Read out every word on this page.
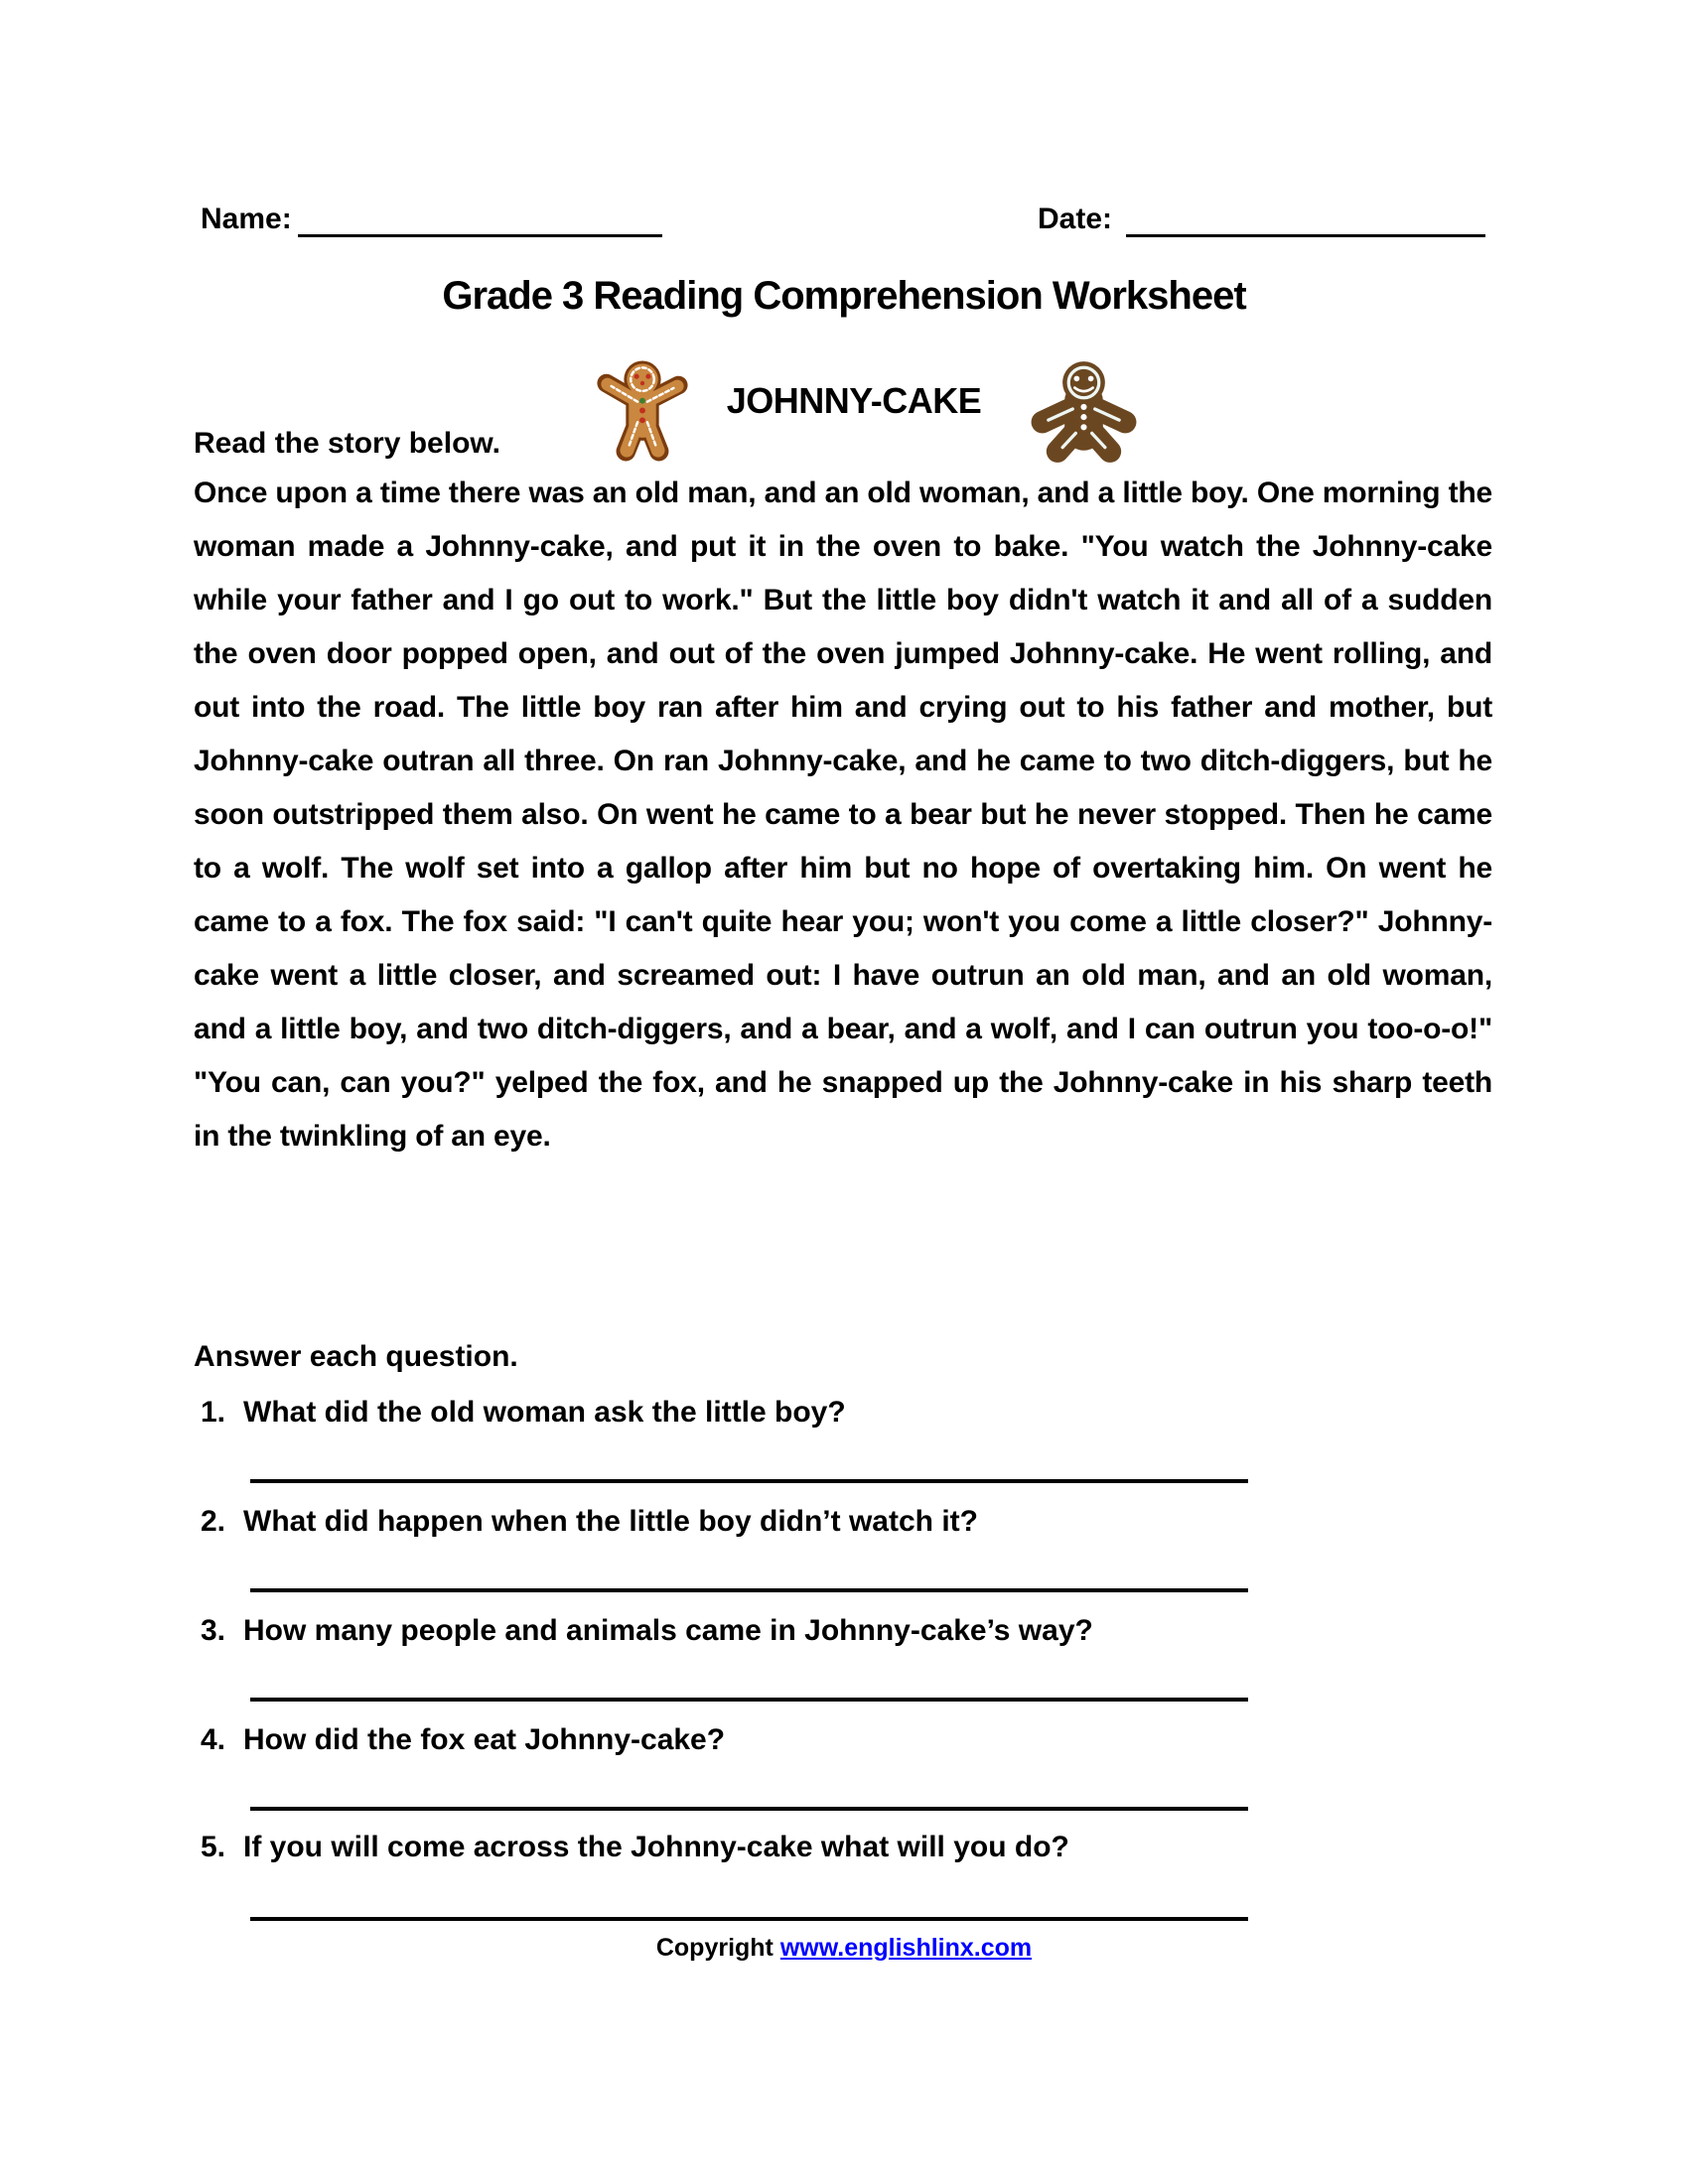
Name:	Date:
Grade 3 Reading Comprehension Worksheet
JOHNNY-CAKE
Read the story below.
Once upon a time there was an old man, and an old woman, and a little boy. One morning the woman made a Johnny-cake, and put it in the oven to bake. "You watch the Johnny-cake while your father and I go out to work." But the little boy didn't watch it and all of a sudden the oven door popped open, and out of the oven jumped Johnny-cake. He went rolling, and out into the road. The little boy ran after him and crying out to his father and mother, but Johnny-cake outran all three. On ran Johnny-cake, and he came to two ditch-diggers, but he soon outstripped them also. On went he came to a bear but he never stopped. Then he came to a wolf. The wolf set into a gallop after him but no hope of overtaking him. On went he came to a fox. The fox said: "I can't quite hear you; won't you come a little closer?" Johnny-cake went a little closer, and screamed out: I have outrun an old man, and an old woman, and a little boy, and two ditch-diggers, and a bear, and a wolf, and I can outrun you too-o-o!" "You can, can you?" yelped the fox, and he snapped up the Johnny-cake in his sharp teeth in the twinkling of an eye.
Answer each question.
1. What did the old woman ask the little boy?
2. What did happen when the little boy didn’t watch it?
3. How many people and animals came in Johnny-cake’s way?
4. How did the fox eat Johnny-cake?
5. If you will come across the Johnny-cake what will you do?
Copyright www.englishlinx.com
